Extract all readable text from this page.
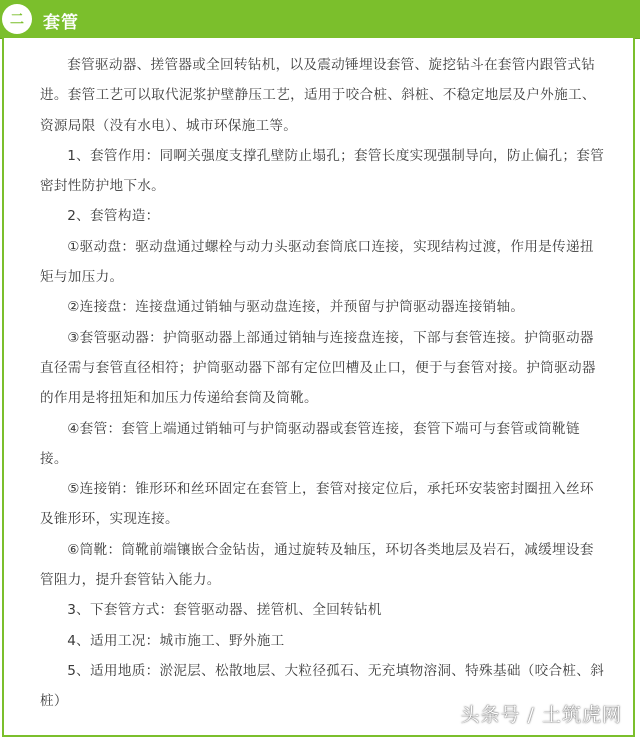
二	套管

套管驱动器、搓管器或全回转钻机，以及震动锤埋设套管、旋挖钻斗在套管内跟管式钻进。套管工艺可以取代泥浆护壁静压工艺，适用于咬合桩、斜桩、不稳定地层及户外施工、资源局限（没有水电）、城市环保施工等。

1、套管作用：同啊关强度支撑孔壁防止塌孔；套管长度实现强制导向，防止偏孔；套管密封性防护地下水。

2、套管构造：

①驱动盘：驱动盘通过螺栓与动力头驱动套筒底口连接，实现结构过渡，作用是传递扭矩与加压力。

②连接盘：连接盘通过销轴与驱动盘连接，并预留与护筒驱动器连接销轴。

③套管驱动器：护筒驱动器上部通过销轴与连接盘连接，下部与套管连接。护筒驱动器直径需与套管直径相符；护筒驱动器下部有定位凹槽及止口，便于与套管对接。护筒驱动器的作用是将扭矩和加压力传递给套筒及筒靴。

④套管：套管上端通过销轴可与护筒驱动器或套管连接，套管下端可与套管或筒靴链接。

⑤连接销：锥形环和丝环固定在套管上，套管对接定位后，承托环安装密封圈扭入丝环及锥形环，实现连接。

⑥筒靴：筒靴前端镶嵌合金钻齿，通过旋转及轴压，环切各类地层及岩石，减缓埋设套管阻力，提升套管钻入能力。

3、下套管方式：套管驱动器、搓管机、全回转钻机

4、适用工况：城市施工、野外施工

5、适用地质：淤泥层、松散地层、大粒径孤石、无充填物溶洞、特殊基础（咬合桩、斜桩）

头条号 / 土筑虎网
